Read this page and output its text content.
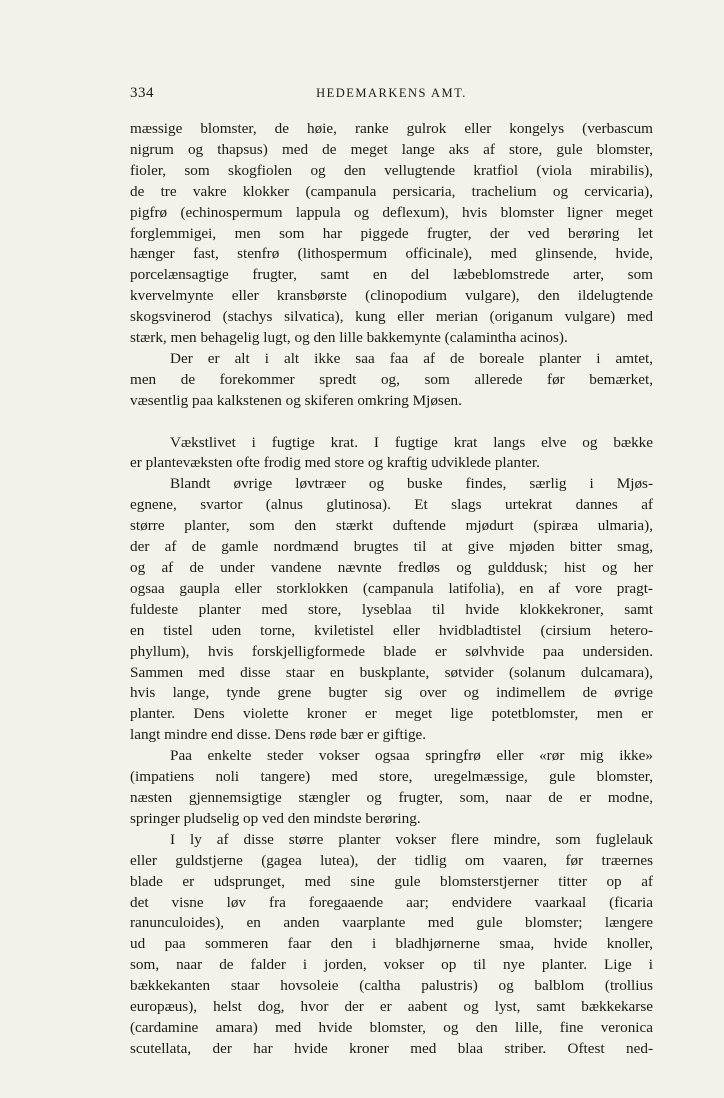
334	HEDEMARKENS AMT.
mæssige blomster, de høie, ranke gulrok eller kongelys (verbascum
nigrum og thapsus) med de meget lange aks af store, gule blomster,
fioler, som skogfiolen og den vellugtende kratfiol (viola mirabilis),
de tre vakre klokker (campanula persicaria, trachelium og cervicaria),
pigfrø (echinospermum lappula og deflexum), hvis blomster ligner meget
forglemmigei, men som har piggede frugter, der ved berøring let
hænger fast, stenfrø (lithospermum officinale), med glinsende, hvide,
porcelænsagtige frugter, samt en del læbeblomstrede arter, som
kvervelmynte eller kransbørste (clinopodium vulgare), den ildelugtende
skogsvinerod (stachys silvatica), kung eller merian (origanum vulgare) med
stærk, men behagelig lugt, og den lille bakkemynte (calamintha acinos).
Der er alt i alt ikke saa faa af de boreale planter i amtet,
men de forekommer spredt og, som allerede før bemærket,
væsentlig paa kalkstenen og skiferen omkring Mjøsen.
Vækstlivet i fugtige krat. I fugtige krat langs elve og bække
er plantevæksten ofte frodig med store og kraftig udviklede planter.
Blandt øvrige løvtræer og buske findes, særlig i Mjøs-
egnene, svartor (alnus glutinosa). Et slags urtekrat dannes af
større planter, som den stærkt duftende mjødurt (spiræa ulmaria),
der af de gamle nordmænd brugtes til at give mjøden bitter smag,
og af de under vandene nævnte fredløs og gulddusk; hist og her
ogsaa gaupla eller storklokken (campanula latifolia), en af vore pragt-
fuldeste planter med store, lyseblaa til hvide klokkekroner, samt
en tistel uden torne, kviletistel eller hvidbladtistel (cirsium hetero-
phyllum), hvis forskjelligformede blade er sølvhvide paa undersiden.
Sammen med disse staar en buskplante, søtvider (solanum dulcamara),
hvis lange, tynde grene bugter sig over og indimellem de øvrige
planter. Dens violette kroner er meget lige potetblomster, men er
langt mindre end disse. Dens røde bær er giftige.
Paa enkelte steder vokser ogsaa springfrø eller «rør mig ikke»
(impatiens noli tangere) med store, uregelmæssige, gule blomster,
næsten gjennemsigtige stængler og frugter, som, naar de er modne,
springer pludselig op ved den mindste berøring.
I ly af disse større planter vokser flere mindre, som fuglelauk
eller guldstjerne (gagea lutea), der tidlig om vaaren, før træernes
blade er udsprunget, med sine gule blomsterstjerner titter op af
det visne løv fra foregaaende aar; endvidere vaarkaal (ficaria
ranunculoides), en anden vaarplante med gule blomster; længere
ud paa sommeren faar den i bladhjørnerne smaa, hvide knoller,
som, naar de falder i jorden, vokser op til nye planter. Lige i
bækkekanten staar hovsoleie (caltha palustris) og balblom (trollius
europæus), helst dog, hvor der er aabent og lyst, samt bækkekarse
(cardamine amara) med hvide blomster, og den lille, fine veronica
scutellata, der har hvide kroner med blaa striber. Oftest ned-
